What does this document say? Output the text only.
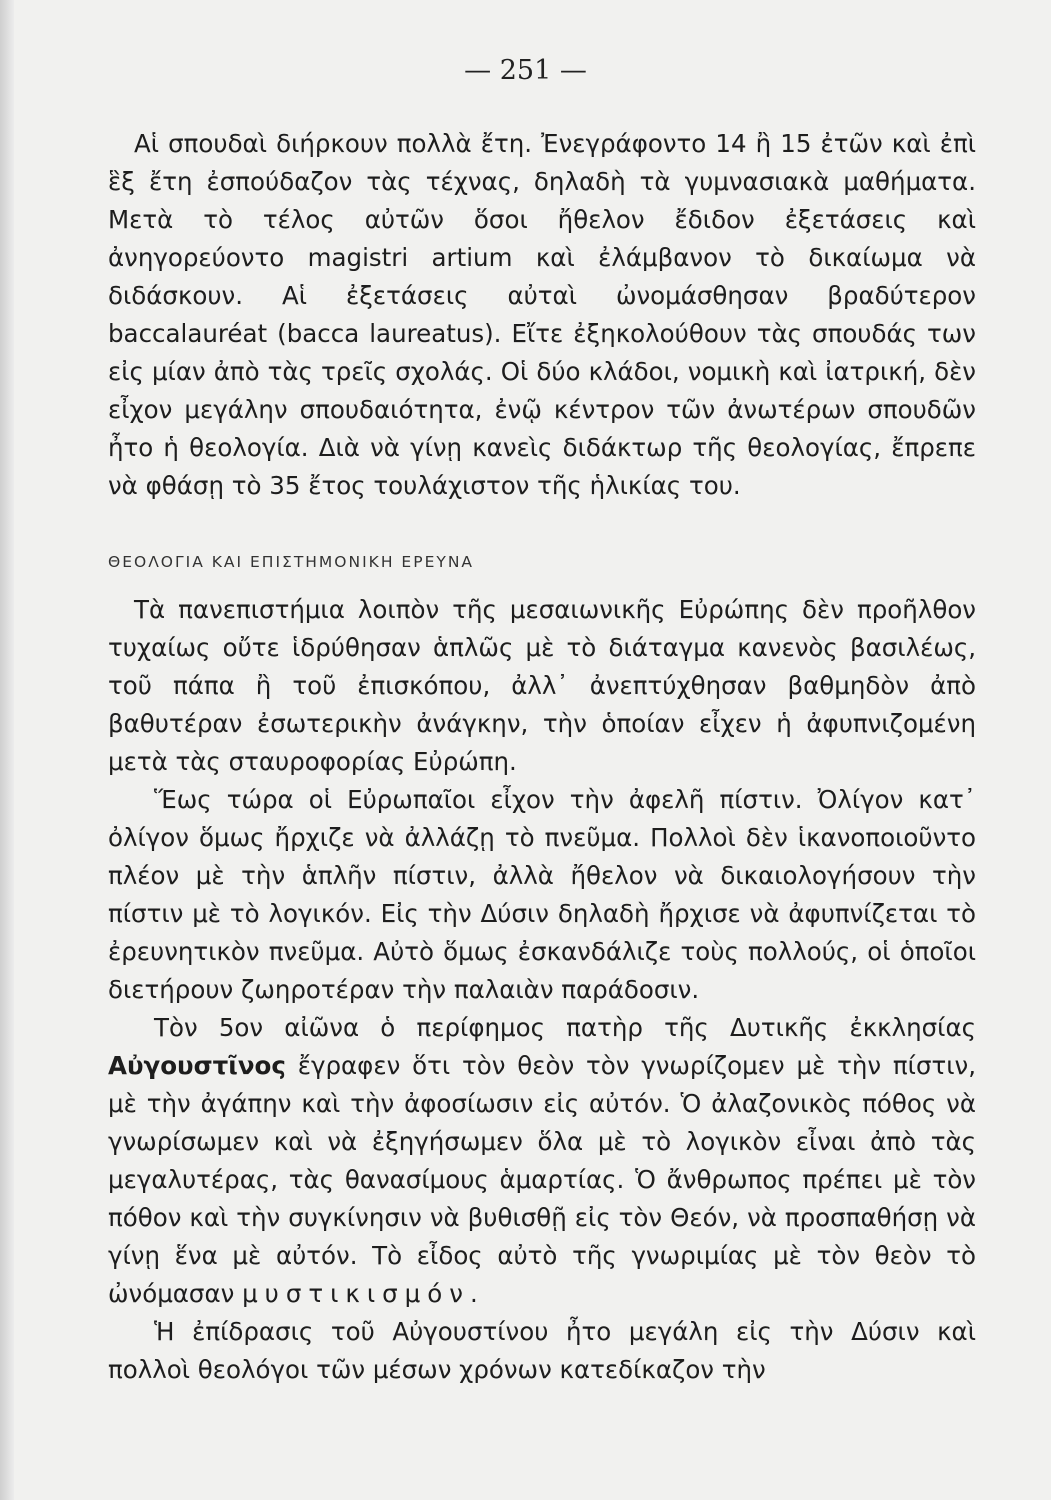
— 251 —

Αἱ σπουδαὶ διήρκουν πολλὰ ἔτη. Ἐνεγράφοντο 14 ἢ 15 ἐτῶν καὶ ἐπὶ ἓξ ἔτη ἐσπούδαζον τὰς τέχνας, δηλαδὴ τὰ γυμνασιακὰ μαθήματα. Μετὰ τὸ τέλος αὐτῶν ὅσοι ἤθελον ἔδιδον ἐξετάσεις καὶ ἀνηγορεύοντο magistri artium καὶ ἐλάμβανον τὸ δικαίωμα νὰ διδάσκουν. Αἱ ἐξετάσεις αὐταὶ ὠνομάσθησαν βραδύτερον baccalauréat (bacca laureatus). Εἴτε ἐξηκολούθουν τὰς σπουδάς των εἰς μίαν ἀπὸ τὰς τρεῖς σχολάς. Οἱ δύο κλάδοι, νομικὴ καὶ ἰατρική, δὲν εἶχον μεγάλην σπουδαιότητα, ἐνῷ κέντρον τῶν ἀνωτέρων σπουδῶν ἦτο ἡ θεολογία. Διὰ νὰ γίνῃ κανεὶς διδάκτωρ τῆς θεολογίας, ἔπρεπε νὰ φθάσῃ τὸ 35 ἔτος τουλάχιστον τῆς ἡλικίας του.

ΘΕΟΛΟΓΙΑ ΚΑΙ ΕΠΙΣΤΗΜΟΝΙΚΗ ΕΡΕΥΝΑ

Τὰ πανεπιστήμια λοιπὸν τῆς μεσαιωνικῆς Εὐρώπης δὲν προῆλθον τυχαίως οὔτε ἱδρύθησαν ἁπλῶς μὲ τὸ διάταγμα κανενὸς βασιλέως, τοῦ πάπα ἢ τοῦ ἐπισκόπου, ἀλλ᾽ ἀνεπτύχθησαν βαθμηδὸν ἀπὸ βαθυτέραν ἐσωτερικὴν ἀνάγκην, τὴν ὁποίαν εἶχεν ἡ ἀφυπνιζομένη μετὰ τὰς σταυροφορίας Εὐρώπη.

Ἕως τώρα οἱ Εὐρωπαῖοι εἶχον τὴν ἀφελῆ πίστιν. Ὀλίγον κατ᾽ ὀλίγον ὅμως ἤρχιζε νὰ ἀλλάζῃ τὸ πνεῦμα. Πολλοὶ δὲν ἱκανοποιοῦντο πλέον μὲ τὴν ἁπλῆν πίστιν, ἀλλὰ ἤθελον νὰ δικαιολογήσουν τὴν πίστιν μὲ τὸ λογικόν. Εἰς τὴν Δύσιν δηλαδὴ ἤρχισε νὰ ἀφυπνίζεται τὸ ἐρευνητικὸν πνεῦμα. Αὐτὸ ὅμως ἐσκανδάλιζε τοὺς πολλούς, οἱ ὁποῖοι διετήρουν ζωηροτέραν τὴν παλαιὰν παράδοσιν.

Τὸν 5ον αἰῶνα ὁ περίφημος πατὴρ τῆς Δυτικῆς ἐκκλησίας Αὐγουστῖνος ἔγραφεν ὅτι τὸν θεὸν τὸν γνωρίζομεν μὲ τὴν πίστιν, μὲ τὴν ἀγάπην καὶ τὴν ἀφοσίωσιν εἰς αὐτόν. Ὁ ἀλαζονικὸς πόθος νὰ γνωρίσωμεν καὶ νὰ ἐξηγήσωμεν ὅλα μὲ τὸ λογικὸν εἶναι ἀπὸ τὰς μεγαλυτέρας, τὰς θανασίμους ἁμαρτίας. Ὁ ἄνθρωπος πρέπει μὲ τὸν πόθον καὶ τὴν συγκίνησιν νὰ βυθισθῇ εἰς τὸν Θεόν, νὰ προσπαθήσῃ νὰ γίνῃ ἕνα μὲ αὐτόν. Τὸ εἶδος αὐτὸ τῆς γνωριμίας μὲ τὸν θεὸν τὸ ὠνόμασαν μυστικισμόν.

Ἡ ἐπίδρασις τοῦ Αὐγουστίνου ἦτο μεγάλη εἰς τὴν Δύσιν καὶ πολλοὶ θεολόγοι τῶν μέσων χρόνων κατεδίκαζον τὴν
